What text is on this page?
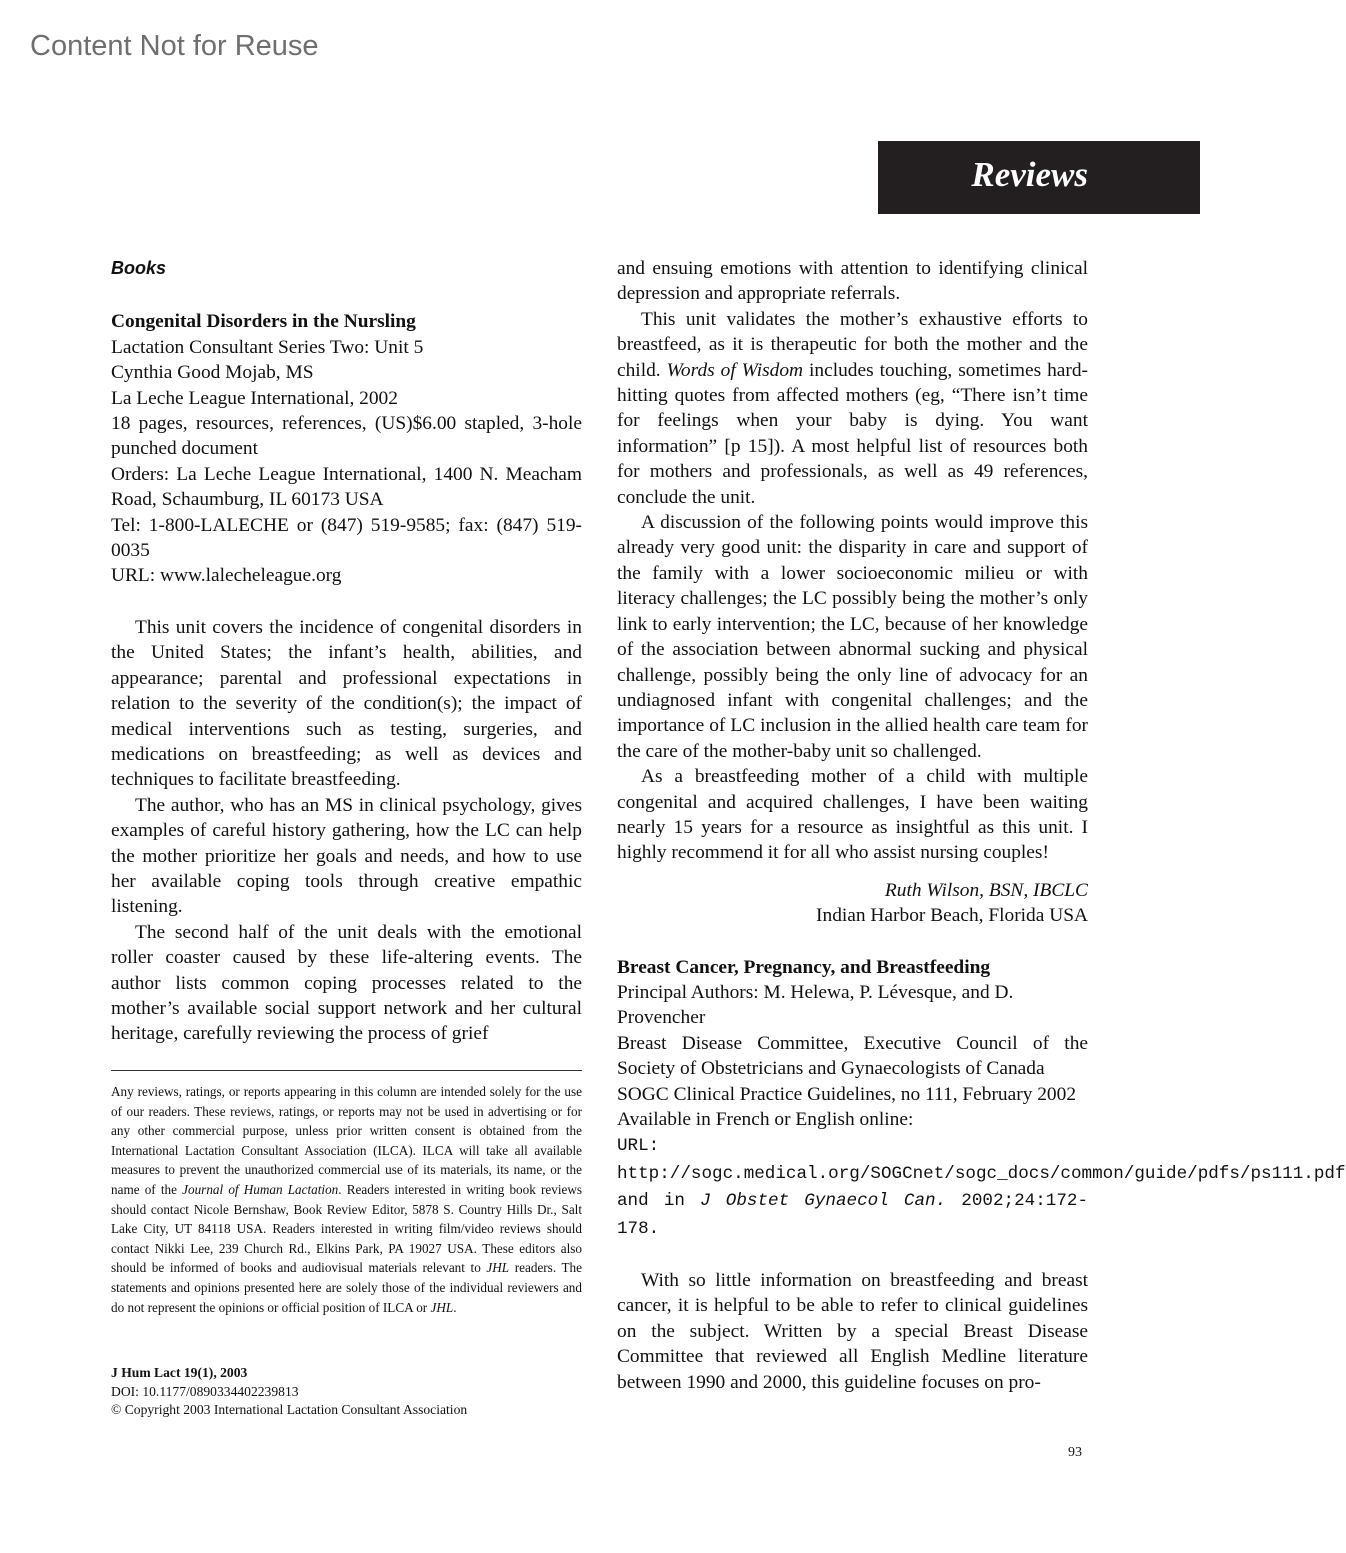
Content Not for Reuse
Reviews
Books
Congenital Disorders in the Nursling
Lactation Consultant Series Two: Unit 5
Cynthia Good Mojab, MS
La Leche League International, 2002
18 pages, resources, references, (US)$6.00 stapled, 3-hole punched document
Orders: La Leche League International, 1400 N. Meacham Road, Schaumburg, IL 60173 USA
Tel: 1-800-LALECHE or (847) 519-9585; fax: (847) 519-0035
URL: www.lalecheleague.org

This unit covers the incidence of congenital disorders in the United States; the infant’s health, abilities, and appearance; parental and professional expectations in relation to the severity of the condition(s); the impact of medical interventions such as testing, surgeries, and medications on breastfeeding; as well as devices and techniques to facilitate breastfeeding.

The author, who has an MS in clinical psychology, gives examples of careful history gathering, how the LC can help the mother prioritize her goals and needs, and how to use her available coping tools through creative empathic listening.

The second half of the unit deals with the emotional roller coaster caused by these life-altering events. The author lists common coping processes related to the mother’s available social support network and her cultural heritage, carefully reviewing the process of grief

Any reviews, ratings, or reports appearing in this column are intended solely for the use of our readers. These reviews, ratings, or reports may not be used in advertising or for any other commercial purpose, unless prior written consent is obtained from the International Lactation Consultant Association (ILCA). ILCA will take all available measures to prevent the unauthorized commercial use of its materials, its name, or the name of the Journal of Human Lactation. Readers interested in writing book reviews should contact Nicole Bernshaw, Book Review Editor, 5878 S. Country Hills Dr., Salt Lake City, UT 84118 USA. Readers interested in writing film/video reviews should contact Nikki Lee, 239 Church Rd., Elkins Park, PA 19027 USA. These editors also should be informed of books and audiovisual materials relevant to JHL readers. The statements and opinions presented here are solely those of the individual reviewers and do not represent the opinions or official position of ILCA or JHL.
J Hum Lact 19(1), 2003
DOI: 10.1177/0890334402239813
© Copyright 2003 International Lactation Consultant Association

and ensuing emotions with attention to identifying clinical depression and appropriate referrals.

This unit validates the mother’s exhaustive efforts to breastfeed, as it is therapeutic for both the mother and the child. Words of Wisdom includes touching, sometimes hard-hitting quotes from affected mothers (eg, “There isn’t time for feelings when your baby is dying. You want information” [p 15]). A most helpful list of resources both for mothers and professionals, as well as 49 references, conclude the unit.

A discussion of the following points would improve this already very good unit: the disparity in care and support of the family with a lower socioeconomic milieu or with literacy challenges; the LC possibly being the mother’s only link to early intervention; the LC, because of her knowledge of the association between abnormal sucking and physical challenge, possibly being the only line of advocacy for an undiagnosed infant with congenital challenges; and the importance of LC inclusion in the allied health care team for the care of the mother-baby unit so challenged.

As a breastfeeding mother of a child with multiple congenital and acquired challenges, I have been waiting nearly 15 years for a resource as insightful as this unit. I highly recommend it for all who assist nursing couples!

Ruth Wilson, BSN, IBCLC
Indian Harbor Beach, Florida USA
Breast Cancer, Pregnancy, and Breastfeeding
Principal Authors: M. Helewa, P. Lévesque, and D. Provencher
Breast Disease Committee, Executive Council of the Society of Obstetricians and Gynaecologists of Canada
SOGC Clinical Practice Guidelines, no 111, February 2002
Available in French or English online:
URL: http://sogc.medical.org/SOGCnet/sogc_docs/common/guide/pdfs/ps111.pdf and in J Obstet Gynaecol Can. 2002;24:172-178.

With so little information on breastfeeding and breast cancer, it is helpful to be able to refer to clinical guidelines on the subject. Written by a special Breast Disease Committee that reviewed all English Medline literature between 1990 and 2000, this guideline focuses on pro-

93
